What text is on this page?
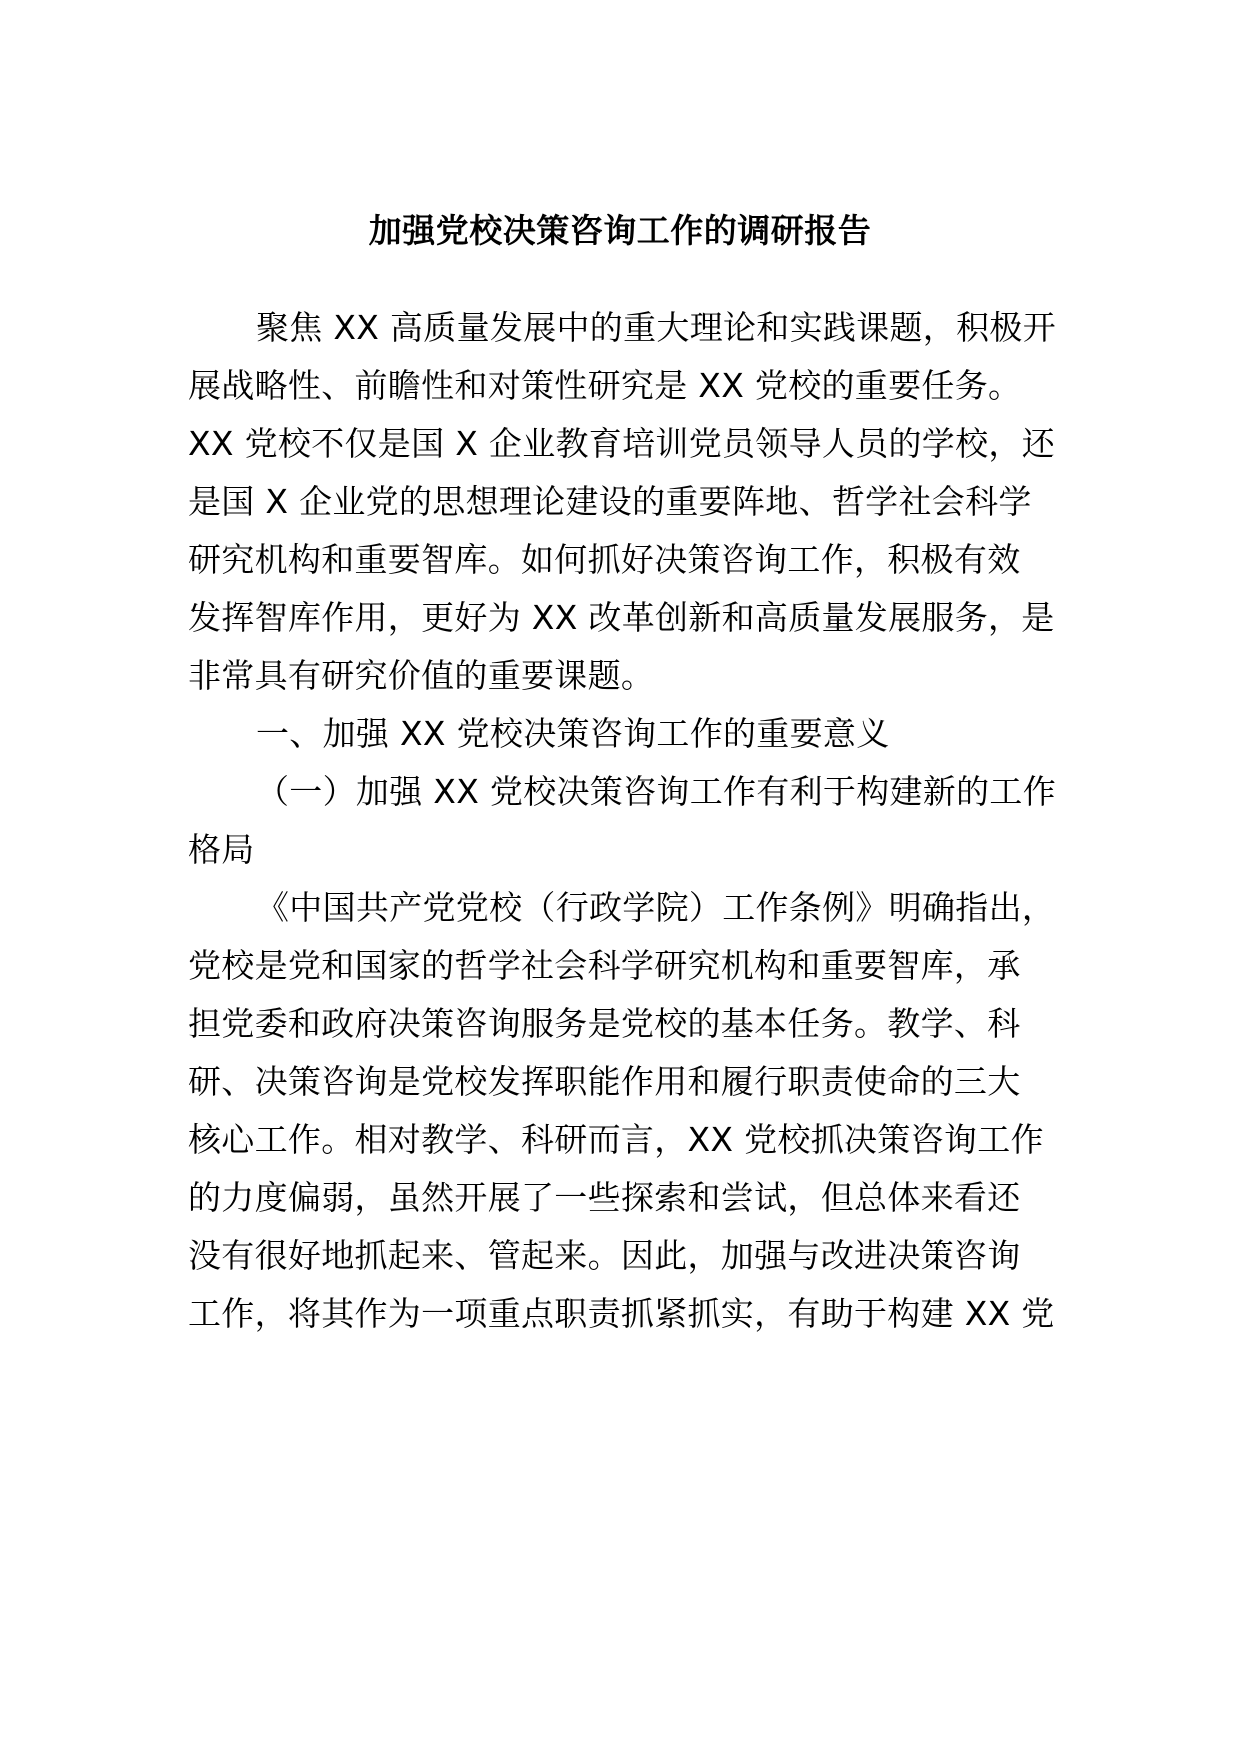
加强党校决策咨询工作的调研报告
聚焦 XX 高质量发展中的重大理论和实践课题，积极开
展战略性、前瞻性和对策性研究是 XX 党校的重要任务。
XX 党校不仅是国 X 企业教育培训党员领导人员的学校，还
是国 X 企业党的思想理论建设的重要阵地、哲学社会科学
研究机构和重要智库。如何抓好决策咨询工作，积极有效
发挥智库作用，更好为 XX 改革创新和高质量发展服务，是
非常具有研究价值的重要课题。
一、加强 XX 党校决策咨询工作的重要意义
（一）加强 XX 党校决策咨询工作有利于构建新的工作
格局
《中国共产党党校（行政学院）工作条例》明确指出，
党校是党和国家的哲学社会科学研究机构和重要智库，承
担党委和政府决策咨询服务是党校的基本任务。教学、科
研、决策咨询是党校发挥职能作用和履行职责使命的三大
核心工作。相对教学、科研而言，XX 党校抓决策咨询工作
的力度偏弱，虽然开展了一些探索和尝试，但总体来看还
没有很好地抓起来、管起来。因此，加强与改进决策咨询
工作，将其作为一项重点职责抓紧抓实，有助于构建 XX 党
